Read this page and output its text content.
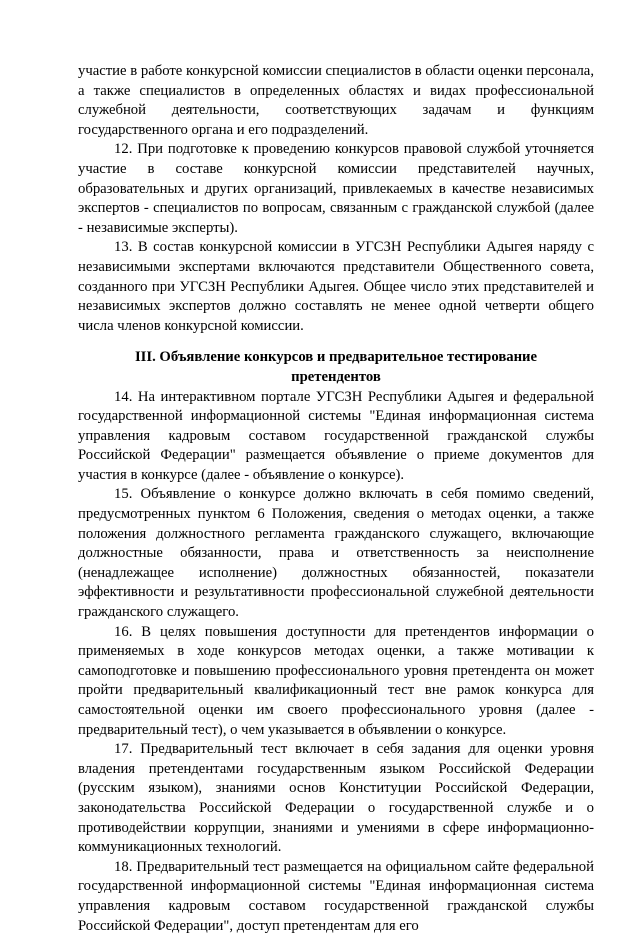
участие в работе конкурсной комиссии специалистов в области оценки персонала, а также специалистов в определенных областях и видах профессиональной служебной деятельности, соответствующих задачам и функциям государственного органа и его подразделений.

12. При подготовке к проведению конкурсов правовой службой уточняется участие в составе конкурсной комиссии представителей научных, образовательных и других организаций, привлекаемых в качестве независимых экспертов - специалистов по вопросам, связанным с гражданской службой (далее - независимые эксперты).

13. В состав конкурсной комиссии в УГСЗН Республики Адыгея наряду с независимыми экспертами включаются представители Общественного совета, созданного при УГСЗН Республики Адыгея. Общее число этих представителей и независимых экспертов должно составлять не менее одной четверти общего числа членов конкурсной комиссии.

III. Объявление конкурсов и предварительное тестирование претендентов

14. На интерактивном портале УГСЗН Республики Адыгея и федеральной государственной информационной системы "Единая информационная система управления кадровым составом государственной гражданской службы Российской Федерации" размещается объявление о приеме документов для участия в конкурсе (далее - объявление о конкурсе).

15. Объявление о конкурсе должно включать в себя помимо сведений, предусмотренных пунктом 6 Положения, сведения о методах оценки, а также положения должностного регламента гражданского служащего, включающие должностные обязанности, права и ответственность за неисполнение (ненадлежащее исполнение) должностных обязанностей, показатели эффективности и результативности профессиональной служебной деятельности гражданского служащего.

16. В целях повышения доступности для претендентов информации о применяемых в ходе конкурсов методах оценки, а также мотивации к самоподготовке и повышению профессионального уровня претендента он может пройти предварительный квалификационный тест вне рамок конкурса для самостоятельной оценки им своего профессионального уровня (далее - предварительный тест), о чем указывается в объявлении о конкурсе.

17. Предварительный тест включает в себя задания для оценки уровня владения претендентами государственным языком Российской Федерации (русским языком), знаниями основ Конституции Российской Федерации, законодательства Российской Федерации о государственной службе и о противодействии коррупции, знаниями и умениями в сфере информационно-коммуникационных технологий.

18. Предварительный тест размещается на официальном сайте федеральной государственной информационной системы "Единая информационная система управления кадровым составом государственной гражданской службы Российской Федерации", доступ претендентам для его
